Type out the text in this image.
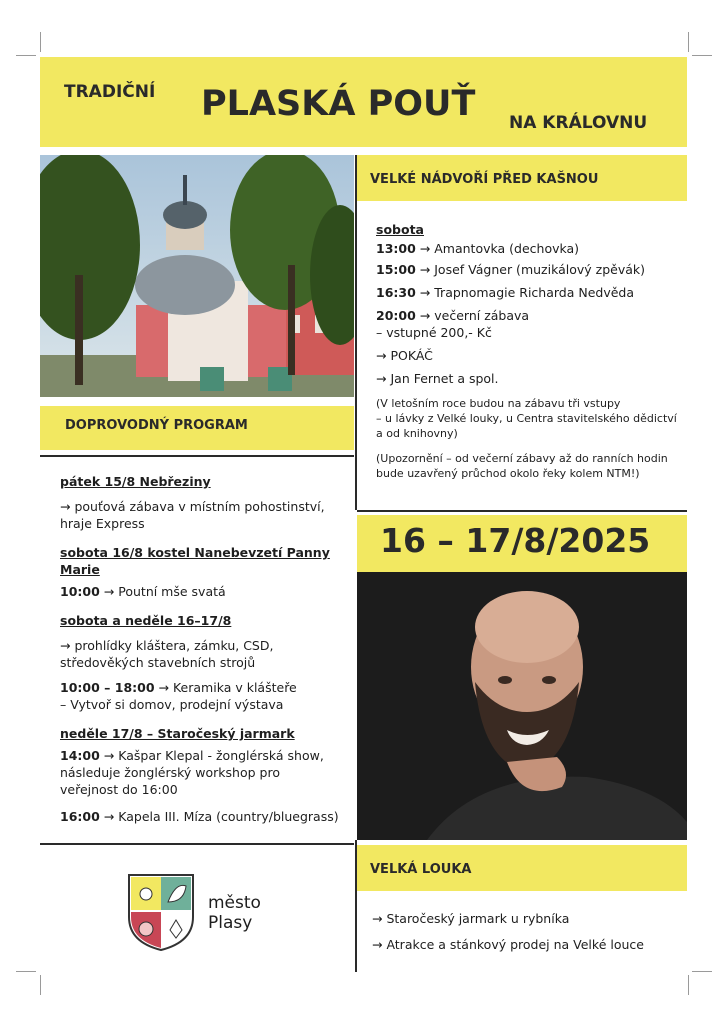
TRADIČNÍ PLASKÁ POUŤ NA KRÁLOVNU
DOPROVODNÝ PROGRAM
VELKÉ NÁDVOŘÍ PŘED KAŠNOU
sobota
13:00 → Amantovka (dechovka)
15:00 → Josef Vágner (muzikálový zpěvák)
16:30 → Trapnomagie Richarda Nedvěda
20:00 → večerní zábava
– vstupné 200,- Kč
→ POKÁČ
→ Jan Fernet a spol.
(V letošním roce budou na zábavu tři vstupy
– u lávky z Velké louky, u Centra stavitelského dědictví
a od knihovny)
(Upozornění – od večerní zábavy až do ranních hodin
bude uzavřený průchod okolo řeky kolem NTM!)

pátek 15/8 Nebřeziny

→ pouťová zábava v místním pohostinství,

hraje Express

sobota 16/8 kostel Nanebevzetí Panny Marie

10:00 → Poutní mše svatá

sobota a neděle 16–17/8

→ prohlídky kláštera, zámku, CSD,

středověkých stavebních strojů

10:00 – 18:00 → Keramika v klášteře

– Vytvoř si domov, prodejní výstava

neděle 17/8 – Staročeský jarmark

14:00 → Kašpar Klepal - žonglérská show,

následuje žonglérský workshop pro

veřejnost do 16:00

16:00 → Kapela III. Míza (country/bluegrass)

16 – 17/8/2025
VELKÁ LOUKA
→ Staročeský jarmark u rybníka
→ Atrakce a stánkový prodej na Velké louce
město
Plasy
